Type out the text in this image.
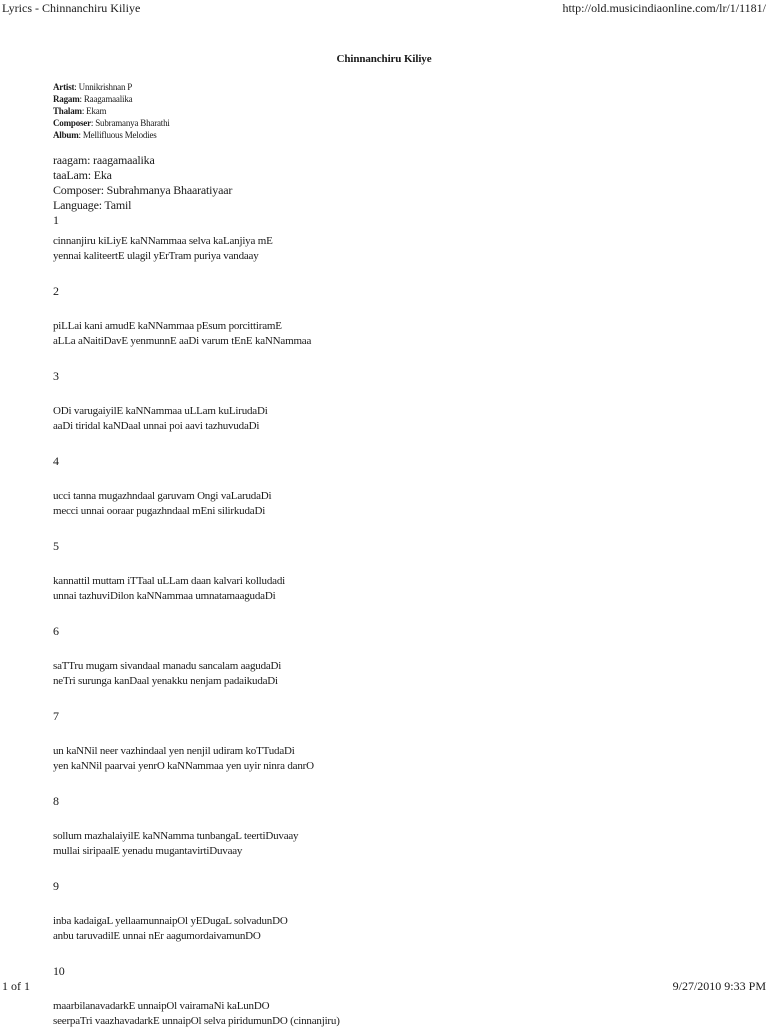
Lyrics - Chinnanchiru Kiliye	http://old.musicindiaonline.com/lr/1/1181/
Chinnanchiru Kiliye
Artist: Unnikrishnan P
Ragam: Raagamaalika
Thalam: Ekam
Composer: Subramanya Bharathi
Album: Mellifluous Melodies
raagam: raagamaalika
taaLam: Eka
Composer: Subrahmanya Bhaaratiyaar
Language: Tamil
1
cinnanjiru kiLiyE kaNNammaa selva kaLanjiya mE
yennai kaliteertE ulagil yErTram puriya vandaay
2
piLLai kani amudE kaNNammaa pEsum porcittiramE
aLLa aNaitiDavE yenmunnE aaDi varum tEnE kaNNammaa
3
ODi varugaiyilE kaNNammaa uLLam kuLirudaDi
aaDi tiridal kaNDaal unnai poi aavi tazhuvudaDi
4
ucci tanna mugazhndaal garuvam Ongi vaLarudaDi
mecci unnai ooraar pugazhndaal mEni silirkudaDi
5
kannattil muttam iTTaal uLLam daan kalvari kolludadi
unnai tazhuviDilon kaNNammaa umnatamaagudaDi
6
saTTru mugam sivandaal manadu sancalam aagudaDi
neTri surunga kanDaal yenakku nenjam padaikudaDi
7
un kaNNil neer vazhindaal yen nenjil udiram koTTudaDi
yen kaNNil paarvai yenrO kaNNammaa yen uyir ninra danrO
8
sollum mazhalaiyilE kaNNamma tunbangaL teertiDuvaay
mullai siripaalE yenadu mugantavirtiDuvaay
9
inba kadaigaL yellaamunnaipOl yEDugaL solvadunDO
anbu taruvadilE unnai nEr aagumordaivamunDO
10
maarbilanavadarkE unnaipOl vairamaNi kaLunDO
seerpaTri vaazhavadarkE unnaipOl selva piridumunDO (cinnanjiru)
1 of 1	9/27/2010 9:33 PM
